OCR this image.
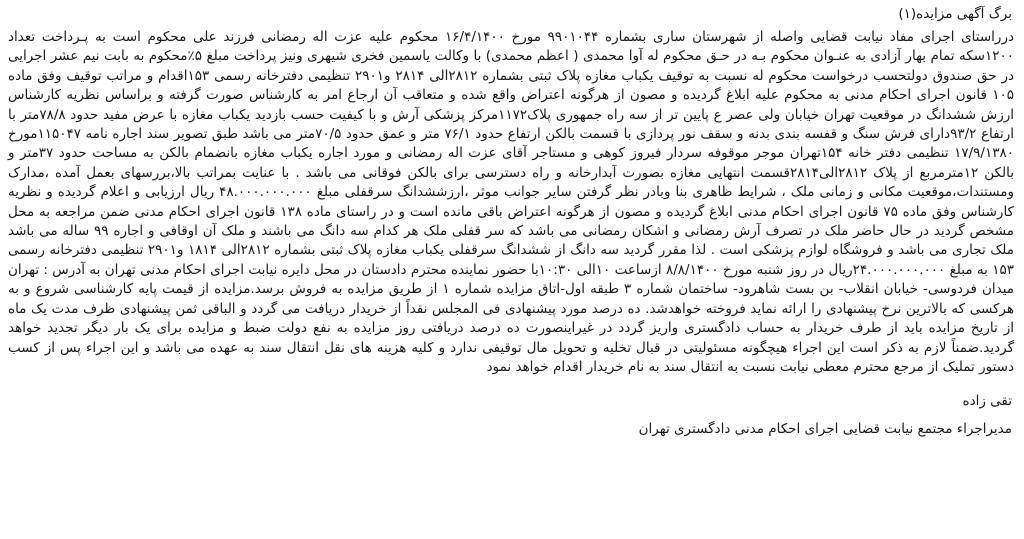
برگ آگهی مزایده(۱)

درراستای اجرای مفاد نیابت قضایی واصله از شهرستان ساری بشماره ۹۹۰۱۰۴۴ مورخ ۱۶/۴/۱۴۰۰ محکوم علیه عزت اله رمضانی فرزند علی محکوم است به پـرداخت تعداد ۱۲۰۰سکه تمام بهار آزادی به عنـوان محکوم بـه در حـق محکوم له آوا محمدی ( اعظم محمدی) با وکالت یاسمین فخری شیهری ونیز پرداخت مبلغ ۵٪محکوم به بابت نیم عشر اجرایی در حق صندوق دولتحسب درخواست محکوم له نسبت به توقیف یکباب مغازه پلاک ثبتی بشماره ۲۸۱۲الی ۲۸۱۴ و۲۹۰۱ تنظیمی دفترخانه رسمی ۱۵۳اقدام و مراتب توقیف وفق ماده ۱۰۵ قانون اجرای احکام مدنی به محکوم علیه ابلاغ گردیده و مصون از هرگونه اعتراض واقع شده و متعاقب آن ارجاع امر به کارشناس صورت گرفته و براساس نظریه کارشناس ارزش ششدانگ در موقعیت تهران خیابان ولی عصر ع پایین تر از سه راه جمهوری پلاک۱۱۷۲مرکز پزشکی آرش و با کیفیت حسب بازدید یکباب مغازه با عرض مفید حدود ۷۸/۸متر با ارتفاع ۹۳/۲دارای فرش سنگ و قفسه بندی بدنه و سقف نور پردازی با قسمت بالکن ارتفاع حدود ۷۶/۱ متر و عمق حدود ۷۰/۵متر می باشد طبق تصویر سند اجاره نامه ۱۱۵۰۴۷مورخ ۱۷/۹/۱۳۸۰ تنظیمی دفتر خانه ۱۵۴تهران موجر موقوفه سردار فیروز کوهی و مستاجر آقای عزت اله رمضانی و مورد اجاره یکباب مغازه بانضمام بالکن به مساحت حدود ۳۷متر و بالکن ۱۲مترمربع از پلاک ۲۸۱۲الی۲۸۱۴قسمت انتهایی مغازه بصورت آبدارخانه و راه دسترسی برای بالکن فوقانی می باشد . با عنایت بمراتب بالا،بررسهای بعمل آمده ،مدارک ومستندات،موقعیت مکانی و زمانی ملک ، شرایط ظاهری بنا وبادر نظر گرفتن سایر جوانب موثر ،ارزششدانگ سرقفلی مبلغ ۴۸.۰۰۰.۰۰۰.۰۰۰ ریال ارزیابی و اعلام گردیده و نظریه کارشناس وفق ماده ۷۵ قانون اجرای احکام مدنی ابلاغ گردیده و مصون از هرگونه اعتراض باقی مانده است و در راستای ماده ۱۳۸ قانون اجرای احکام مدنی ضمن مراجعه به محل مشخص گردید در حال حاضر ملک در تصرف آرش رمضانی و اشکان رمضانی می باشد که سر قفلی ملک هر کدام سه دانگ می باشند و ملک آن اوقافی و اجاره ۹۹ ساله می باشد ملک تجاری می باشد و فروشگاه لوازم پزشکی است . لذا مقرر گردید سه دانگ از ششدانگ سرقفلی یکباب مغازه پلاک ثبتی بشماره ۲۸۱۲الی ۱۸۱۴ و۲۹۰۱ تنظیمی دفترخانه رسمی ۱۵۳ به مبلغ ۲۴.۰۰۰.۰۰۰.۰۰۰ریال در روز شنبه مورخ ۸/۸/۱۴۰۰ ازساعت ۱۰الی ۱۰:۳۰با حضور نماینده محترم دادستان در محل دایره نیابت اجرای احکام مدنی تهران به آدرس : تهران میدان فردوسی- خیابان انقلاب- بن بست شاهرود- ساختمان شماره ۳ طبقه اول-اتاق مزایده شماره ۱ از طریق مزایده به فروش برسد.مزایده از قیمت پایه کارشناسی شروع و به هرکسی که بالاترین نرخ پیشنهادی را ارائه نماید فروخته خواهدشد. ده درصد مورد پیشنهادی فی المجلس نقداً از خریدار دریافت می گردد و الباقی ثمن پیشنهادی ظرف مدت یک ماه از تاریخ مزایده باید از طرف خریدار به حساب دادگستری واریز گردد در غیراینصورت ده درصد دریافتی روز مزایده به نفع دولت ضبط و مزایده برای یک بار دیگر تجدید خواهد گردید.ضمناً لازم به ذکر است این اجراء هیچگونه مسئولیتی در قبال تخلیه و تحویل مال توقیفی ندارد و کلیه هزینه های نقل انتقال سند به عهده می باشد و این اجراء پس از کسب دستور تملیک از مرجع محترم معطی نیابت نسبت به انتقال سند به نام خریدار اقدام خواهد نمود

تقی زاده
مدیراجراء مجتمع نیابت قضایی اجرای احکام مدنی دادگستری تهران
